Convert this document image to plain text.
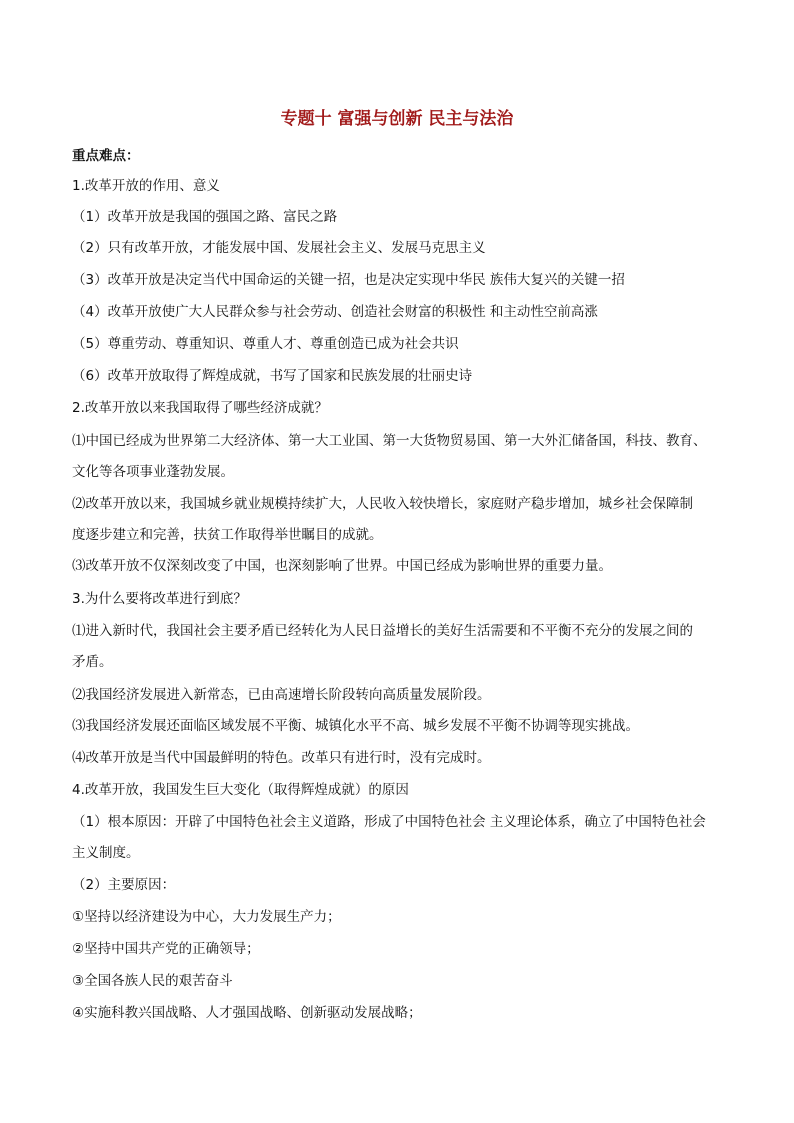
专题十 富强与创新 民主与法治
重点难点：
1.改革开放的作用、意义
（1）改革开放是我国的强国之路、富民之路
（2）只有改革开放，才能发展中国、发展社会主义、发展马克思主义
（3）改革开放是决定当代中国命运的关键一招，也是决定实现中华民 族伟大复兴的关键一招
（4）改革开放使广大人民群众参与社会劳动、创造社会财富的积极性 和主动性空前高涨
（5）尊重劳动、尊重知识、尊重人才、尊重创造已成为社会共识
（6）改革开放取得了辉煌成就，书写了国家和民族发展的壮丽史诗
2.改革开放以来我国取得了哪些经济成就？
⑴中国已经成为世界第二大经济体、第一大工业国、第一大货物贸易国、第一大外汇储备国，科技、教育、
文化等各项事业蓬勃发展。
⑵改革开放以来，我国城乡就业规模持续扩大，人民收入较快增长，家庭财产稳步增加，城乡社会保障制
度逐步建立和完善，扶贫工作取得举世瞩目的成就。
⑶改革开放不仅深刻改变了中国，也深刻影响了世界。中国已经成为影响世界的重要力量。
3.为什么要将改革进行到底？
⑴进入新时代，我国社会主要矛盾已经转化为人民日益增长的美好生活需要和不平衡不充分的发展之间的
矛盾。
⑵我国经济发展进入新常态，已由高速增长阶段转向高质量发展阶段。
⑶我国经济发展还面临区域发展不平衡、城镇化水平不高、城乡发展不平衡不协调等现实挑战。
⑷改革开放是当代中国最鲜明的特色。改革只有进行时，没有完成时。
4.改革开放，我国发生巨大变化（取得辉煌成就）的原因
（1）根本原因：开辟了中国特色社会主义道路，形成了中国特色社会 主义理论体系，确立了中国特色社会
主义制度。
（2）主要原因：
①坚持以经济建设为中心，大力发展生产力；
②坚持中国共产党的正确领导；
③全国各族人民的艰苦奋斗
④实施科教兴国战略、人才强国战略、创新驱动发展战略；
